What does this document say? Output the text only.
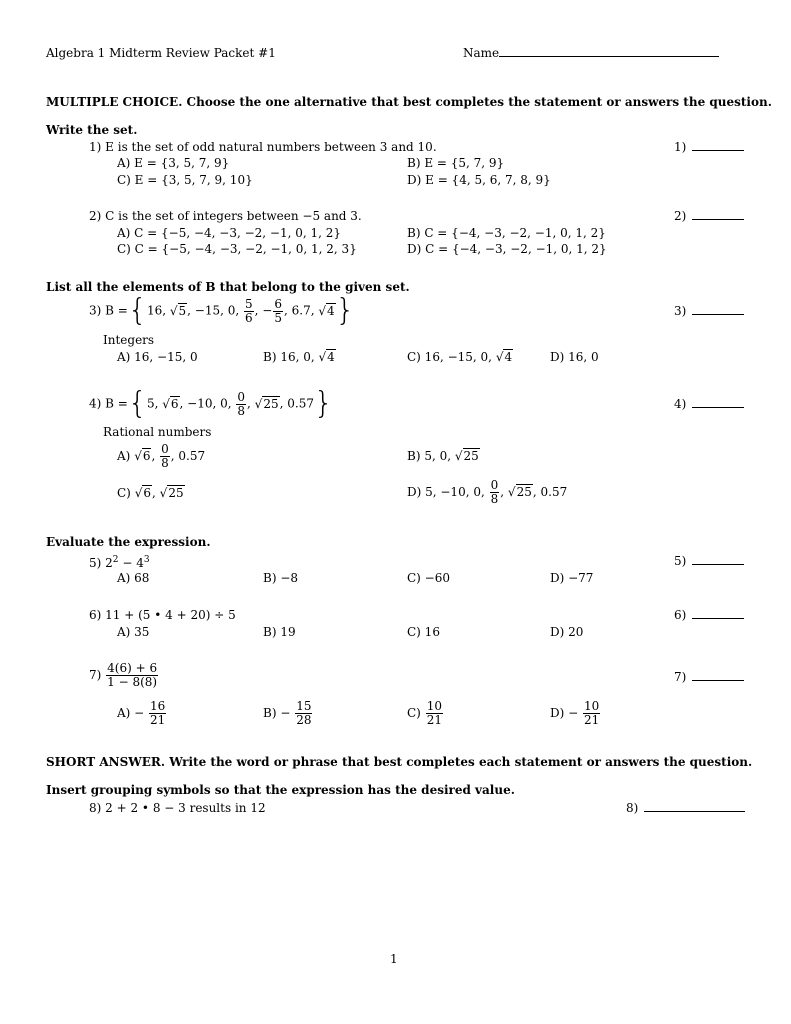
Algebra 1 Midterm Review Packet #1	Name
MULTIPLE CHOICE. Choose the one alternative that best completes the statement or answers the question.
Write the set.
1) E is the set of odd natural numbers between 3 and 10.
A) E = {3, 5, 7, 9}	B) E = {5, 7, 9}
C) E = {3, 5, 7, 9, 10}	D) E = {4, 5, 6, 7, 8, 9}
1)
2) C is the set of integers between −5 and 3.
A) C = {−5, −4, −3, −2, −1, 0, 1, 2}	B) C = {−4, −3, −2, −1, 0, 1, 2}
C) C = {−5, −4, −3, −2, −1, 0, 1, 2, 3}	D) C = {−4, −3, −2, −1, 0, 1, 2}
2)
List all the elements of B that belong to the given set.
3) B ={16, √5, −15, 0, $\frac{5}{6}$ , − $\frac{6}{5}$ , 6.7, √4}
Integers
A) 16, −15, 0	B) 16, 0, √4	C) 16, −15, 0, √4	D) 16, 0
3)
4) B ={5, √6, −10, 0, $\frac{0}{8}$ , √25, 0.57}
Rational numbers
A) √6, $\frac{0}{8}$ , 0.57	B) 5, 0, √25
C) √6, √25	D) 5, −10, 0, $\frac{0}{8}$ , √25, 0.57
4)
Evaluate the expression.
5) $2^2 - 4^3$
A) 68	B) −8	C) −60	D) −77
5)
6) 11 + (5 • 4 + 20) ÷ 5
A) 35	B) 19	C) 16	D) 20
6)
$7) \frac{4(6) + 6}{1 - 8(8)}$
$A) - \frac{16}{21}$	$B) - \frac{15}{28}$	$C) \frac{10}{21}$	$D) - \frac{10}{21}$
7)
SHORT ANSWER. Write the word or phrase that best completes each statement or answers the question.
Insert grouping symbols so that the expression has the desired value.
8) 2 + 2 • 8 − 3 results in 12	8)
1
